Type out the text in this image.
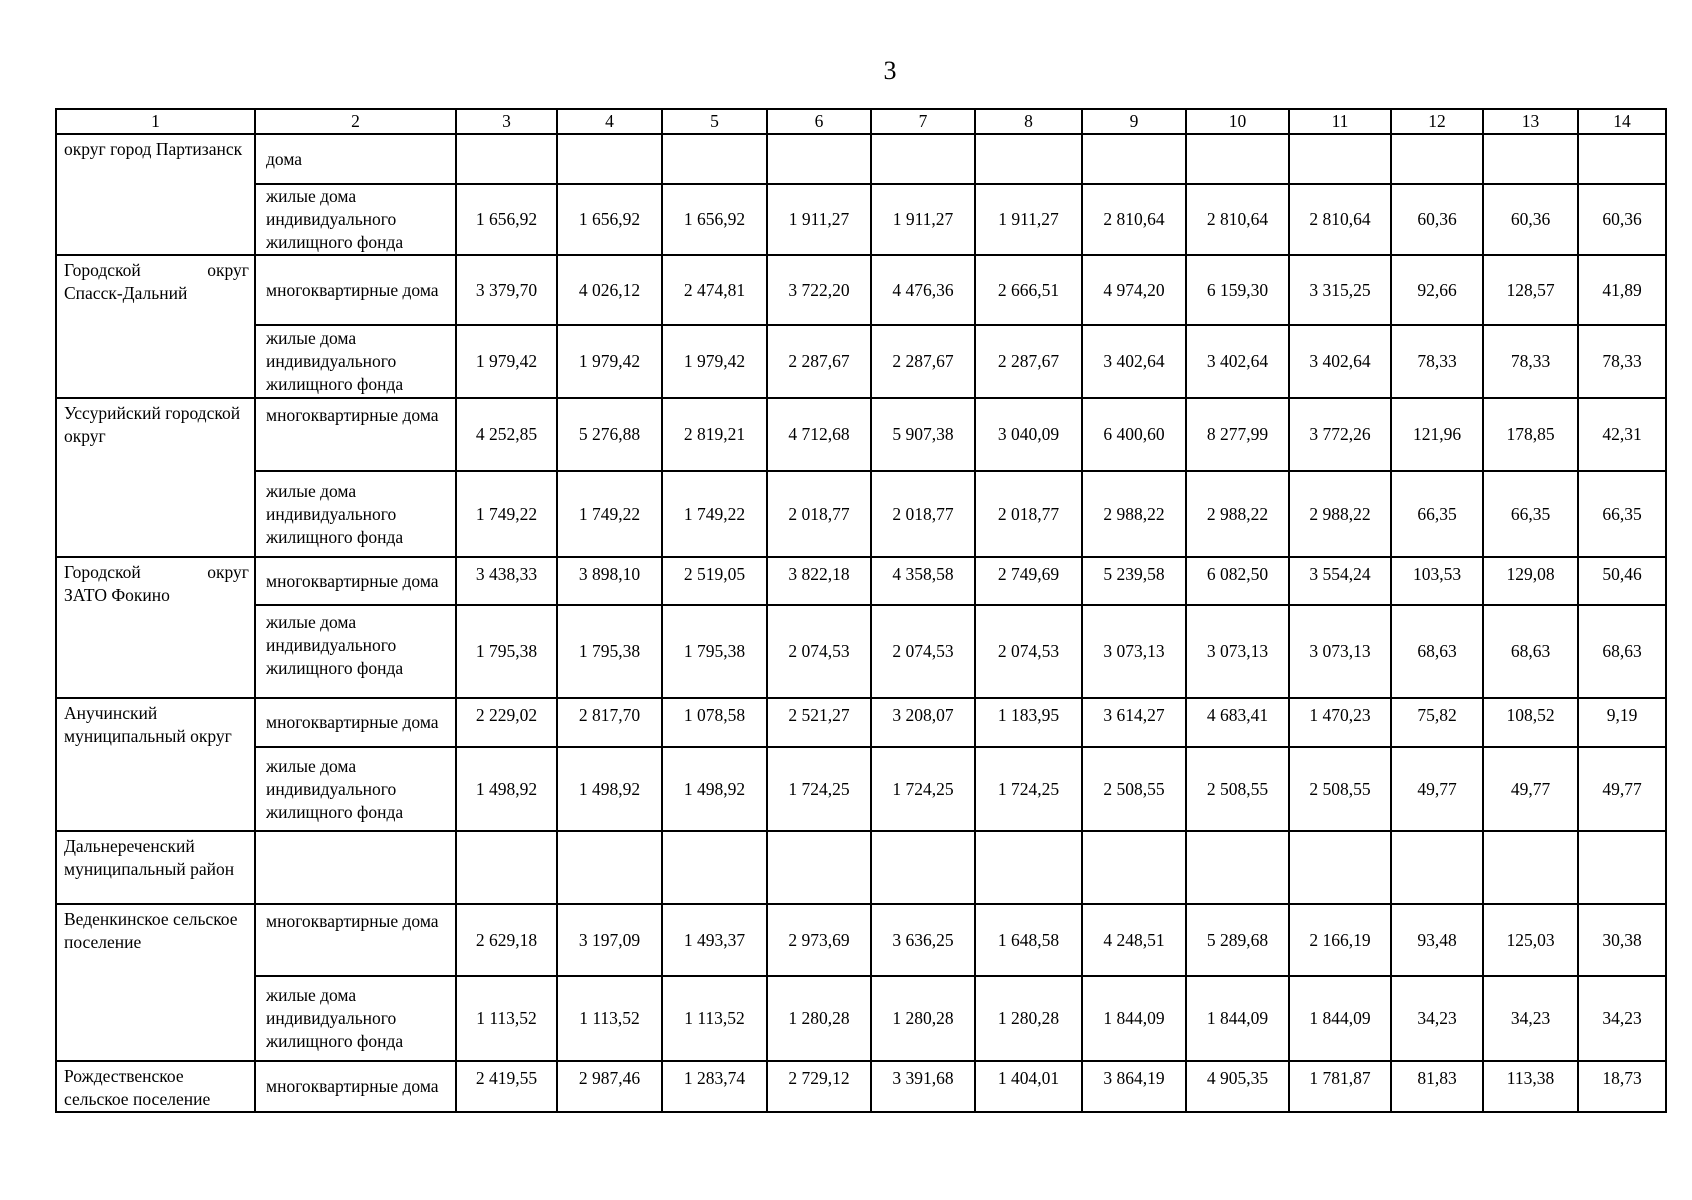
3
1	2	3	4	5	6	7	8	9	10	11	12	13	14
округ город Партизанск	дома												
	жилые дома индивидуального жилищного фонда	1 656,92	1 656,92	1 656,92	1 911,27	1 911,27	1 911,27	2 810,64	2 810,64	2 810,64	60,36	60,36	60,36

Городской округ
Спасск-Дальний	многоквартирные дома	3 379,70	4 026,12	2 474,81	3 722,20	4 476,36	2 666,51	4 974,20	6 159,30	3 315,25	92,66	128,57	41,89
	жилые дома индивидуального жилищного фонда	1 979,42	1 979,42	1 979,42	2 287,67	2 287,67	2 287,67	3 402,64	3 402,64	3 402,64	78,33	78,33	78,33
Уссурийский городской округ	многоквартирные дома	4 252,85	5 276,88	2 819,21	4 712,68	5 907,38	3 040,09	6 400,60	8 277,99	3 772,26	121,96	178,85	42,31
	жилые дома индивидуального жилищного фонда	1 749,22	1 749,22	1 749,22	2 018,77	2 018,77	2 018,77	2 988,22	2 988,22	2 988,22	66,35	66,35	66,35

Городской округ
ЗАТО Фокино	многоквартирные дома	3 438,33	3 898,10	2 519,05	3 822,18	4 358,58	2 749,69	5 239,58	6 082,50	3 554,24	103,53	129,08	50,46
	жилые дома индивидуального жилищного фонда	1 795,38	1 795,38	1 795,38	2 074,53	2 074,53	2 074,53	3 073,13	3 073,13	3 073,13	68,63	68,63	68,63
Анучинский муниципальный округ	многоквартирные дома	2 229,02	2 817,70	1 078,58	2 521,27	3 208,07	1 183,95	3 614,27	4 683,41	1 470,23	75,82	108,52	9,19
	жилые дома индивидуального жилищного фонда	1 498,92	1 498,92	1 498,92	1 724,25	1 724,25	1 724,25	2 508,55	2 508,55	2 508,55	49,77	49,77	49,77
Дальнереченский муниципальный район													
Веденкинское сельское поселение	многоквартирные дома	2 629,18	3 197,09	1 493,37	2 973,69	3 636,25	1 648,58	4 248,51	5 289,68	2 166,19	93,48	125,03	30,38
	жилые дома индивидуального жилищного фонда	1 113,52	1 113,52	1 113,52	1 280,28	1 280,28	1 280,28	1 844,09	1 844,09	1 844,09	34,23	34,23	34,23
Рождественское сельское поселение	многоквартирные дома	2 419,55	2 987,46	1 283,74	2 729,12	3 391,68	1 404,01	3 864,19	4 905,35	1 781,87	81,83	113,38	18,73
